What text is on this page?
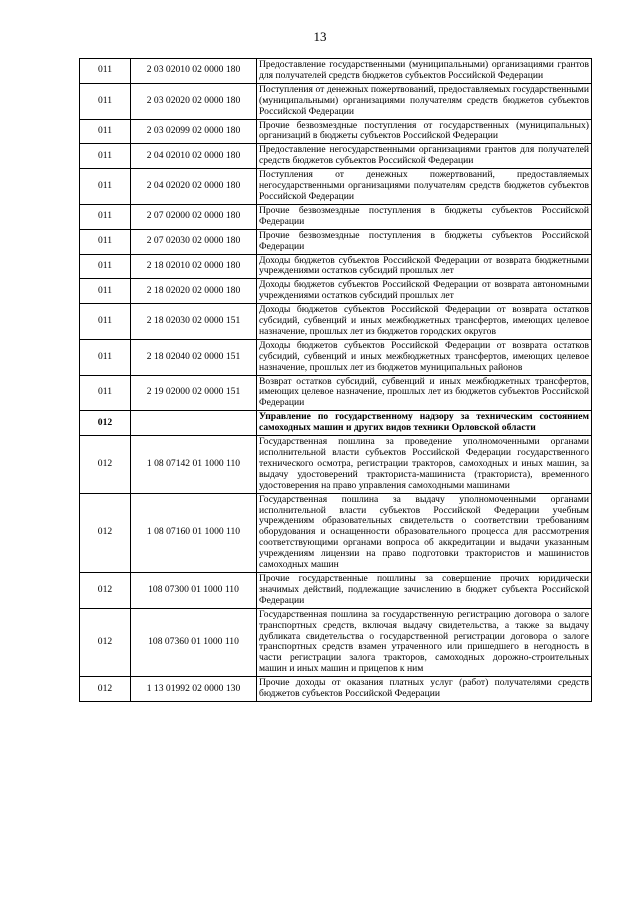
13
011	2 03 02010 02 0000 180	Предоставление государственными (муниципальными) организациями грантов для получателей средств бюджетов субъектов Российской Федерации
011	2 03 02020 02 0000 180	Поступления от денежных пожертвований, предоставляемых государственными (муниципальными) организациями получателям средств бюджетов субъектов Российской Федерации
011	2 03 02099 02 0000 180	Прочие безвозмездные поступления от государственных (муниципальных) организаций в бюджеты субъектов Российской Федерации
011	2 04 02010 02 0000 180	Предоставление негосударственными организациями грантов для получателей средств бюджетов субъектов Российской Федерации
011	2 04 02020 02 0000 180	Поступления от денежных пожертвований, предоставляемых негосударственными организациями получателям средств бюджетов субъектов Российской Федерации
011	2 07 02000 02 0000 180	Прочие безвозмездные поступления в бюджеты субъектов Российской Федерации
011	2 07 02030 02 0000 180	Прочие безвозмездные поступления в бюджеты субъектов Российской Федерации
011	2 18 02010 02 0000 180	Доходы бюджетов субъектов Российской Федерации от возврата бюджетными учреждениями остатков субсидий прошлых лет
011	2 18 02020 02 0000 180	Доходы бюджетов субъектов Российской Федерации от возврата автономными учреждениями остатков субсидий прошлых лет
011	2 18 02030 02 0000 151	Доходы бюджетов субъектов Российской Федерации от возврата остатков субсидий, субвенций и иных межбюджетных трансфертов, имеющих целевое назначение, прошлых лет из бюджетов городских округов
011	2 18 02040 02 0000 151	Доходы бюджетов субъектов Российской Федерации от возврата остатков субсидий, субвенций и иных межбюджетных трансфертов, имеющих целевое назначение, прошлых лет из бюджетов муниципальных районов
011	2 19 02000 02 0000 151	Возврат остатков субсидий, субвенций и иных межбюджетных трансфертов, имеющих целевое назначение, прошлых лет из бюджетов субъектов Российской Федерации
012		Управление по государственному надзору за техническим состоянием самоходных машин и других видов техники Орловской области
012	1 08 07142 01 1000 110	Государственная пошлина за проведение уполномоченными органами исполнительной власти субъектов Российской Федерации государственного технического осмотра, регистрации тракторов, самоходных и иных машин, за выдачу удостоверений тракториста-машиниста (тракториста), временного удостоверения на право управления самоходными машинами
012	1 08 07160 01 1000 110	Государственная пошлина за выдачу уполномоченными органами исполнительной власти субъектов Российской Федерации учебным учреждениям образовательных свидетельств о соответствии требованиям оборудования и оснащенности образовательного процесса для рассмотрения соответствующими органами вопроса об аккредитации и выдачи указанным учреждениям лицензии на право подготовки трактористов и машинистов самоходных машин
012	108 07300 01 1000 110	Прочие государственные пошлины за совершение прочих юридически значимых действий, подлежащие зачислению в бюджет субъекта Российской Федерации
012	108 07360 01 1000 110	Государственная пошлина за государственную регистрацию договора о залоге транспортных средств, включая выдачу свидетельства, а также за выдачу дубликата свидетельства о государственной регистрации договора о залоге транспортных средств взамен утраченного или пришедшего в негодность в части регистрации залога тракторов, самоходных дорожно-строительных машин и иных машин и прицепов к ним
012	1 13 01992 02 0000 130	Прочие доходы от оказания платных услуг (работ) получателями средств бюджетов субъектов Российской Федерации
